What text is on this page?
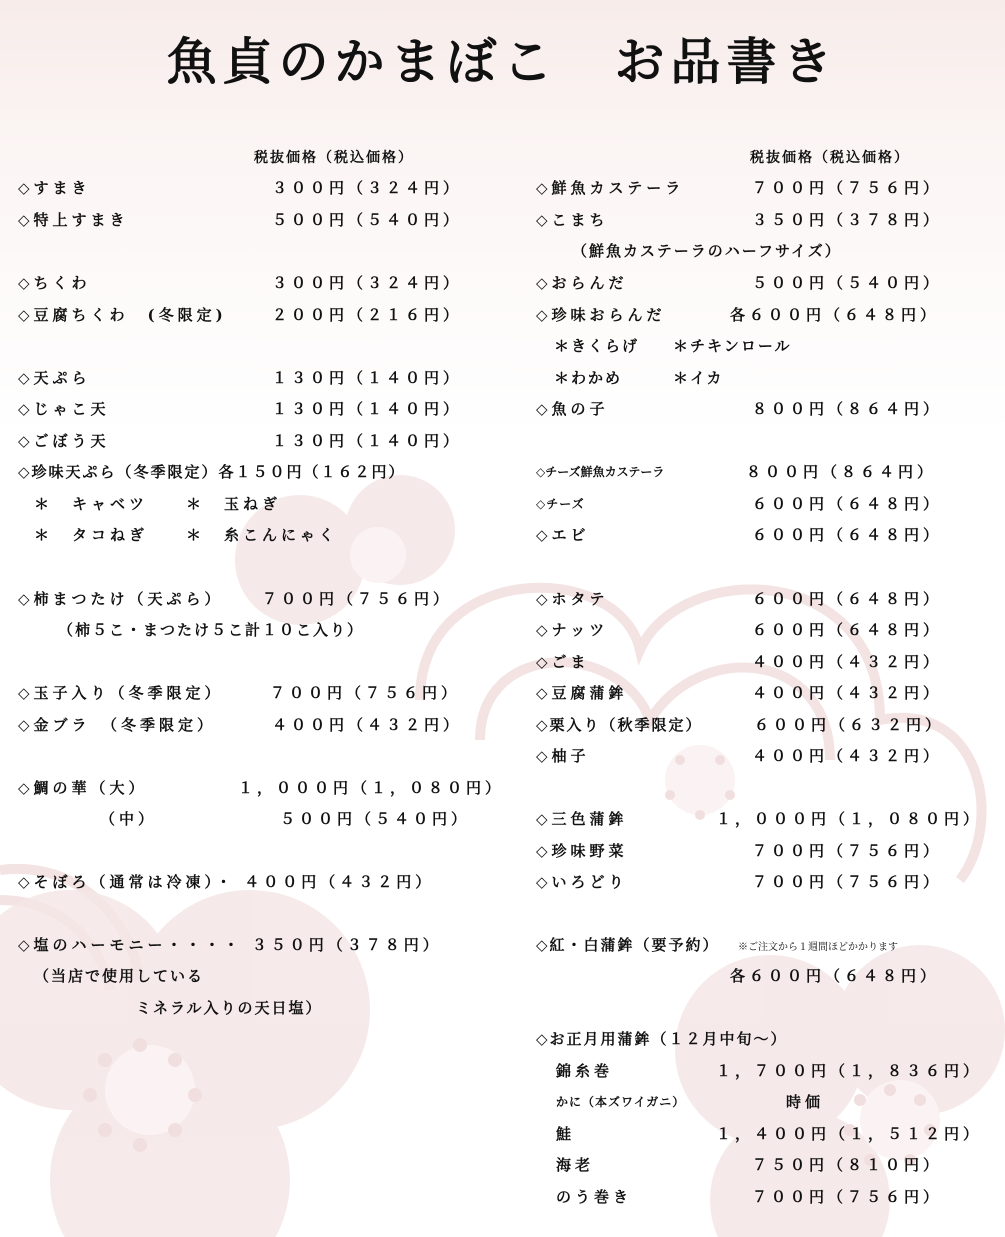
魚貞のかまぼこ　お品書き
税抜価格（税込価格）
◇すまき	３００円（３２４円）
◇特上すまき	５００円（５４０円）
◇ちくわ	３００円（３２４円）
◇豆腐ちくわ　(冬限定)	２００円（２１６円）
◇天ぷら	１３０円（１４０円）
◇じゃこ天	１３０円（１４０円）
◇ごぼう天	１３０円（１４０円）
◇珍味天ぷら（冬季限定）各１５０円（１６２円）
＊　キャベツ　　＊　玉ねぎ
＊　タコねぎ　　＊　糸こんにゃく
◇柿まつたけ（天ぷら）	７００円（７５６円）
（柿５こ・まつたけ５こ計１０こ入り）
◇玉子入り（冬季限定）	７００円（７５６円）
◇金ブラ　（冬季限定）	４００円（４３２円）
◇鯛の華（大）	１，０００円（１，０８０円）
（中）	５００円（５４０円）
◇そぼろ（通常は冷凍）・ ４００円（４３２円）
◇塩のハーモニー・・・・ ３５０円（３７８円）
（当店で使用している
ミネラル入りの天日塩）
税抜価格（税込価格）
◇鮮魚カステーラ	７００円（７５６円）
◇こまち	３５０円（３７８円）
（鮮魚カステーラのハーフサイズ）
◇おらんだ	５００円（５４０円）
◇珍味おらんだ	各６００円（６４８円）
＊きくらげ　　＊チキンロール
＊わかめ　　　＊イカ
◇魚の子	８００円（８６４円）
◇チーズ鮮魚カステーラ	８００円（８６４円）
◇チーズ	６００円（６４８円）
◇エビ	６００円（６４８円）
◇ホタテ	６００円（６４８円）
◇ナッツ	６００円（６４８円）
◇ごま	４００円（４３２円）
◇豆腐蒲鉾	４００円（４３２円）
◇栗入り（秋季限定）	６００円（６３２円）
◇柚子	４００円（４３２円）
◇三色蒲鉾	１，０００円（１，０８０円）
◇珍味野菜	７００円（７５６円）
◇いろどり	７００円（７５６円）
◇紅・白蒲鉾（要予約） ※ご注文から１週間ほどかかります
各６００円（６４８円）
◇お正月用蒲鉾（１２月中旬～）
錦糸巻	１，７００円（１，８３６円）
かに（本ズワイガニ）	時価
鮭	１，４００円（１，５１２円）
海老	７５０円（８１０円）
のう巻き	７００円（７５６円）
